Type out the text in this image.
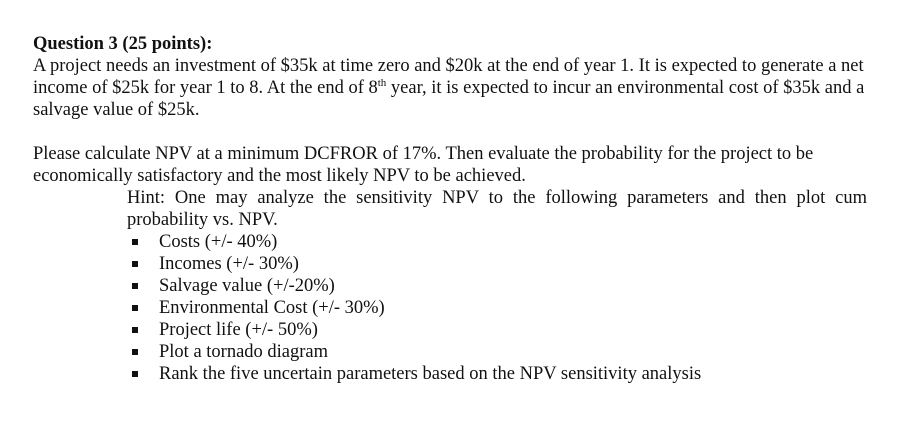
Question 3 (25 points):

A project needs an investment of $35k at time zero and $20k at the end of year 1. It is expected to generate a net income of $25k for year 1 to 8. At the end of 8th year, it is expected to incur an environmental cost of $35k and a salvage value of $25k.

Please calculate NPV at a minimum DCFROR of 17%. Then evaluate the probability for the project to be economically satisfactory and the most likely NPV to be achieved.

Hint: One may analyze the sensitivity NPV to the following parameters and then plot cum probability vs. NPV.

Costs (+/- 40%)
Incomes (+/- 30%)
Salvage value (+/-20%)
Environmental Cost (+/- 30%)
Project life (+/- 50%)
Plot a tornado diagram
Rank the five uncertain parameters based on the NPV sensitivity analysis
